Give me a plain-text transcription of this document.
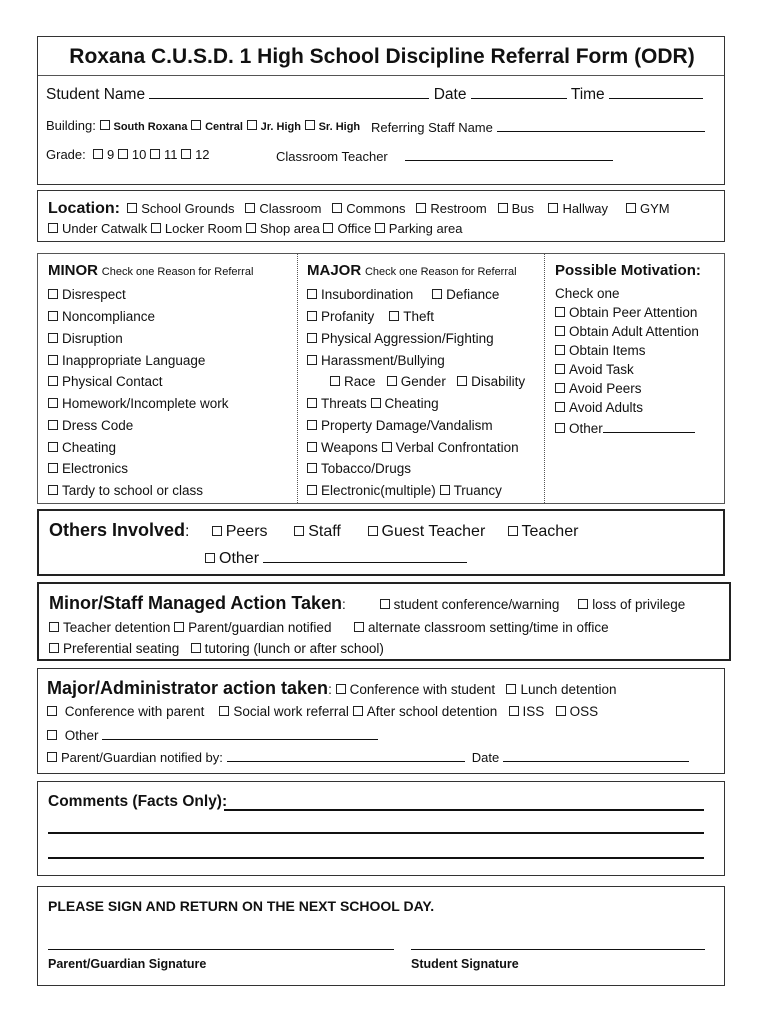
Roxana C.U.S.D. 1 High School Discipline Referral Form (ODR)
Student Name	Date	Time
Building: South Roxana Central Jr. High Sr. High Referring Staff Name
Grade: 9 10 11 12	Classroom Teacher
Location: School Grounds Classroom Commons Restroom Bus Hallway GYM
Under Catwalk Locker Room Shop area Office Parking area
MINOR Check one Reason for Referral
Disrespect
Noncompliance
Disruption
Inappropriate Language
Physical Contact
Homework/Incomplete work
Dress Code
Cheating
Electronics
Tardy to school or class
MAJOR Check one Reason for Referral
Insubordination Defiance
Profanity Theft
Physical Aggression/Fighting
Harassment/Bullying
Race Gender Disability
Threats Cheating
Property Damage/Vandalism
Weapons Verbal Confrontation
Tobacco/Drugs
Electronic(multiple) Truancy
Possible Motivation:
Check one
Obtain Peer Attention
Obtain Adult Attention
Obtain Items
Avoid Task
Avoid Peers
Avoid Adults
Other
Others Involved: Peers	Staff	Guest Teacher Teacher
Other
Minor/Staff Managed Action Taken:	student conference/warning loss of privilege
Teacher detention Parent/guardian notified	alternate classroom setting/time in office
Preferential seating tutoring (lunch or after school)
Major/Administrator action taken: Conference with student Lunch detention
Conference with parent Social work referral After school detention ISS OSS
Other
Parent/Guardian notified by:	Date
Comments (Facts Only):
PLEASE SIGN AND RETURN ON THE NEXT SCHOOL DAY.
Parent/Guardian Signature	Student Signature
